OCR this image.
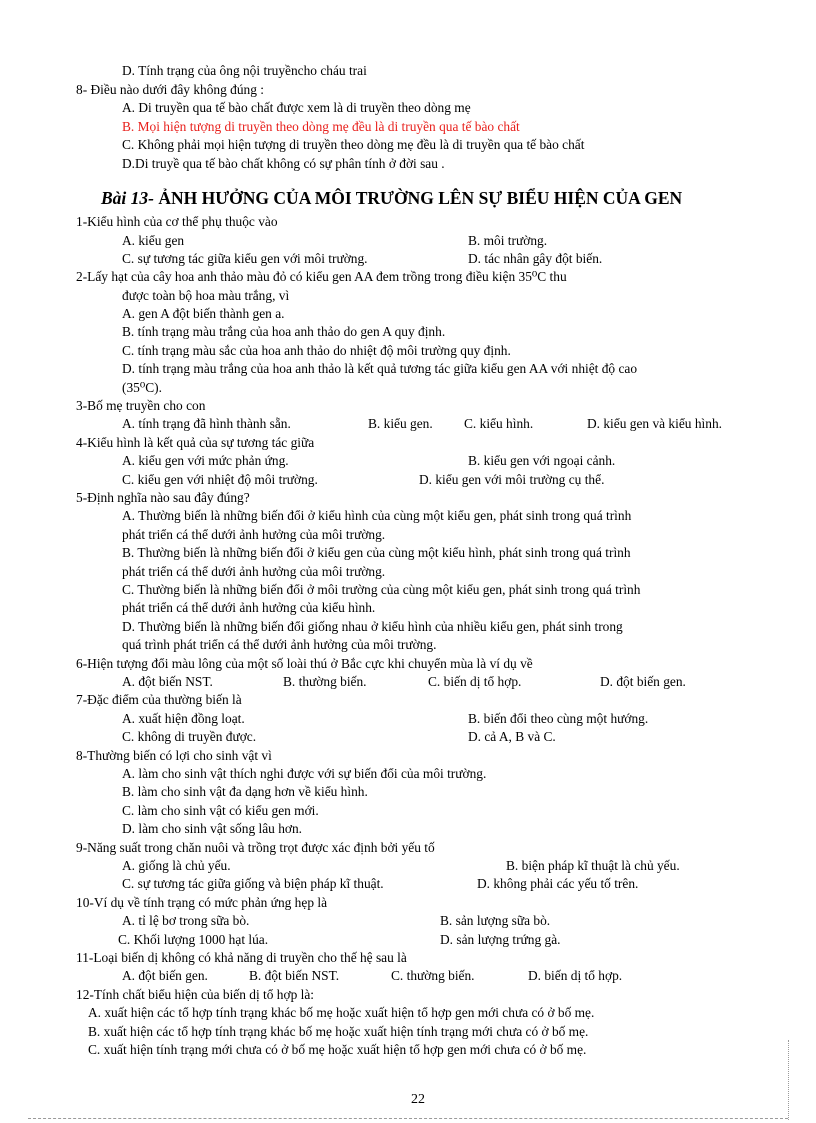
D. Tính trạng của ông nội truyềncho cháu trai
8- Điều nào dưới đây không đúng :
A. Di truyền qua tế bào chất được xem là di truyền theo dòng mẹ
B. Mọi hiện tượng di truyền theo dòng mẹ đều là di truyền qua tế bào chất
C. Không phải mọi hiện tượng di truyền theo dòng mẹ đều là di truyền qua tế bào chất
D.Di truyề qua tế bào chất không có sự phân tính ở đời sau .
Bài 13- ẢNH HƯỞNG CỦA MÔI TRƯỜNG LÊN SỰ BIỂU HIỆN CỦA GEN
1-Kiểu hình của cơ thể phụ thuộc vào
A. kiểu gen	B. môi trường.
C. sự tương tác giữa kiểu gen với môi trường.	D. tác nhân gây đột biến.
2-Lấy hạt của cây hoa anh thảo màu đỏ có kiểu gen AA đem trồng trong điều kiện 35⁰C thu
được toàn bộ hoa màu trắng, vì
A. gen A đột biến thành gen a.
B. tính trạng màu trắng của hoa anh thảo do gen A quy định.
C. tính trạng màu sắc của hoa anh thảo do nhiệt độ môi trường quy định.
D. tính trạng màu trắng của hoa anh thảo là kết quả tương tác giữa kiểu gen AA với nhiệt độ cao
(35⁰C).
3-Bố mẹ truyền cho con
A. tính trạng đã hình thành sẵn.	B. kiểu gen. C. kiểu hình.	D. kiểu gen và kiểu hình.
4-Kiểu hình là kết quả của sự tương tác giữa
A. kiểu gen với mức phản ứng.	B. kiểu gen với ngoại cảnh.
C. kiểu gen với nhiệt độ môi trường.	D. kiểu gen với môi trường cụ thể.
5-Định nghĩa nào sau đây đúng?
A. Thường biến là những biến đổi ở kiểu hình của cùng một kiểu gen, phát sinh trong quá trình
phát triển cá thể dưới ảnh hưởng của môi trường.
B. Thường biến là những biến đổi ở kiểu gen của cùng một kiểu hình, phát sinh trong quá trình
phát triển cá thể dưới ảnh hưởng của môi trường.
C. Thường biến là những biến đổi ở môi trường của cùng một kiểu gen, phát sinh trong quá trình
phát triển cá thể dưới ảnh hưởng của kiểu hình.
D. Thường biến là những biến đổi giống nhau ở kiểu hình của nhiều kiểu gen, phát sinh trong
quá trình phát triển cá thể dưới ảnh hưởng của môi trường.
6-Hiện tượng đổi màu lông của một số loài thú ở Bắc cực khi chuyển mùa là ví dụ về
A. đột biến NST.	B. thường biến.	C. biến dị tổ hợp.	D. đột biến gen.
7-Đặc điểm của thường biến là
A. xuất hiện đồng loạt.	B. biến đổi theo cùng một hướng.
C. không di truyền được.	D. cả A, B và C.
8-Thường biến có lợi cho sinh vật vì
A. làm cho sinh vật thích nghi được với sự biến đổi của môi trường.
B. làm cho sinh vật đa dạng hơn về kiểu hình.
C. làm cho sinh vật có kiểu gen mới.
D. làm cho sinh vật sống lâu hơn.
9-Năng suất trong chăn nuôi và trồng trọt được xác định bởi yếu tố
A. giống là chủ yếu.	B. biện pháp kĩ thuật là chủ yếu.
C. sự tương tác giữa giống và biện pháp kĩ thuật.	D. không phải các yếu tố trên.
10-Ví dụ về tính trạng có mức phản ứng hẹp là
A. tỉ lệ bơ trong sữa bò.	B. sản lượng sữa bò.
C. Khối lượng 1000 hạt lúa.	D. sản lượng trứng gà.
11-Loại biến dị không có khả năng di truyền cho thế hệ sau là
A. đột biến gen.	B. đột biến NST.	C. thường biến.	D. biến dị tổ hợp.
12-Tính chất biểu hiện của biến dị tổ hợp là:
A. xuất hiện các tổ hợp tính trạng khác bố mẹ hoặc xuất hiện tổ hợp gen mới chưa có ở bố mẹ.
B. xuất hiện các tổ hợp tính trạng khác bố mẹ hoặc xuất hiện tính trạng mới chưa có ở bố mẹ.
C. xuất hiện tính trạng mới chưa có ở bố mẹ hoặc xuất hiện tổ hợp gen mới chưa có ở bố mẹ.
22
